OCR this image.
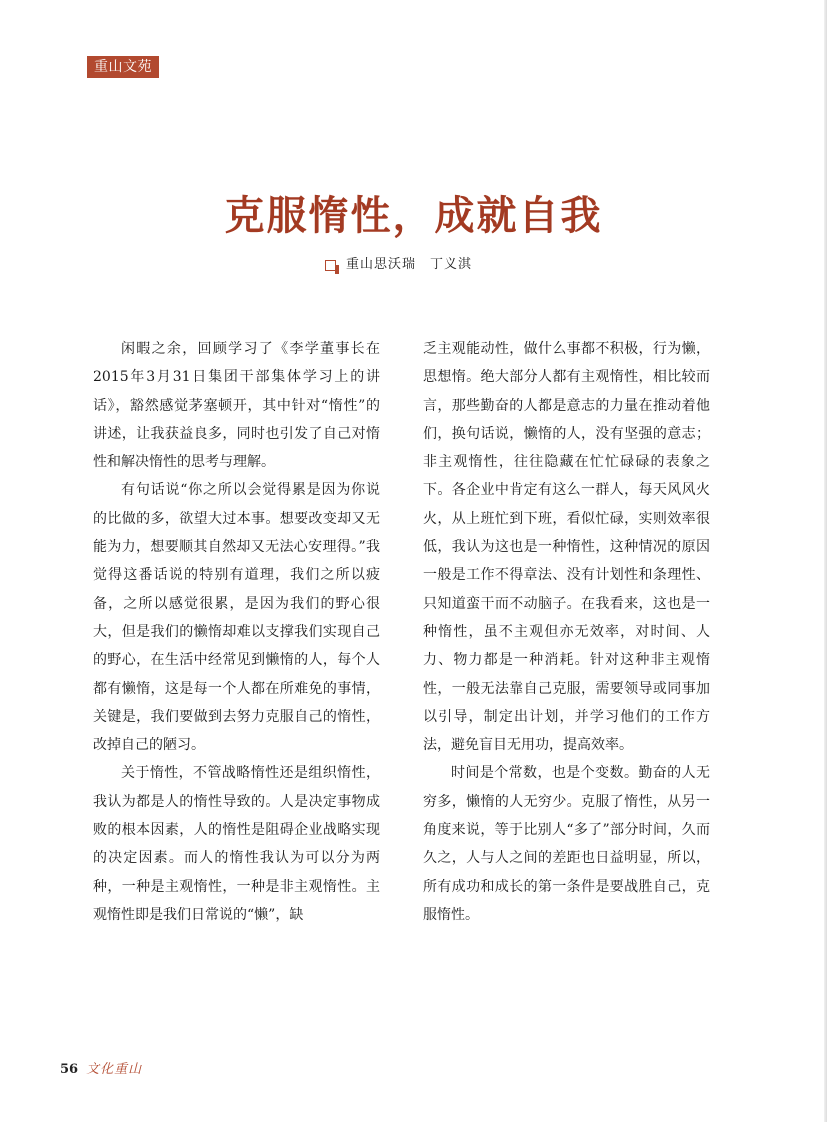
重山文苑
克服惰性，成就自我
重山思沃瑞 丁义淇

闲暇之余，回顾学习了《李学董事长在2015年3月31日集团干部集体学习上的讲话》，豁然感觉茅塞顿开，其中针对“惰性”的讲述，让我获益良多，同时也引发了自己对惰性和解决惰性的思考与理解。

有句话说“你之所以会觉得累是因为你说的比做的多，欲望大过本事。想要改变却又无能为力，想要顺其自然却又无法心安理得。”我觉得这番话说的特别有道理，我们之所以疲备，之所以感觉很累，是因为我们的野心很大，但是我们的懒惰却难以支撑我们实现自己的野心，在生活中经常见到懒惰的人，每个人都有懒惰，这是每一个人都在所难免的事情，关键是，我们要做到去努力克服自己的惰性，改掉自己的陋习。

关于惰性，不管战略惰性还是组织惰性，我认为都是人的惰性导致的。人是决定事物成败的根本因素，人的惰性是阻碍企业战略实现的决定因素。而人的惰性我认为可以分为两种，一种是主观惰性，一种是非主观惰性。主观惰性即是我们日常说的“懒”，缺

乏主观能动性，做什么事都不积极，行为懒，思想惰。绝大部分人都有主观惰性，相比较而言，那些勤奋的人都是意志的力量在推动着他们，换句话说，懒惰的人，没有坚强的意志；非主观惰性，往往隐藏在忙忙碌碌的表象之下。各企业中肯定有这么一群人，每天风风火火，从上班忙到下班，看似忙碌，实则效率很低，我认为这也是一种惰性，这种情况的原因一般是工作不得章法、没有计划性和条理性、只知道蛮干而不动脑子。在我看来，这也是一种惰性，虽不主观但亦无效率，对时间、人力、物力都是一种消耗。针对这种非主观惰性，一般无法靠自己克服，需要领导或同事加以引导，制定出计划，并学习他们的工作方法，避免盲目无用功，提高效率。

时间是个常数，也是个变数。勤奋的人无穷多，懒惰的人无穷少。克服了惰性，从另一角度来说，等于比别人“多了”部分时间，久而久之，人与人之间的差距也日益明显，所以，所有成功和成长的第一条件是要战胜自己，克服惰性。

56 文化重山
